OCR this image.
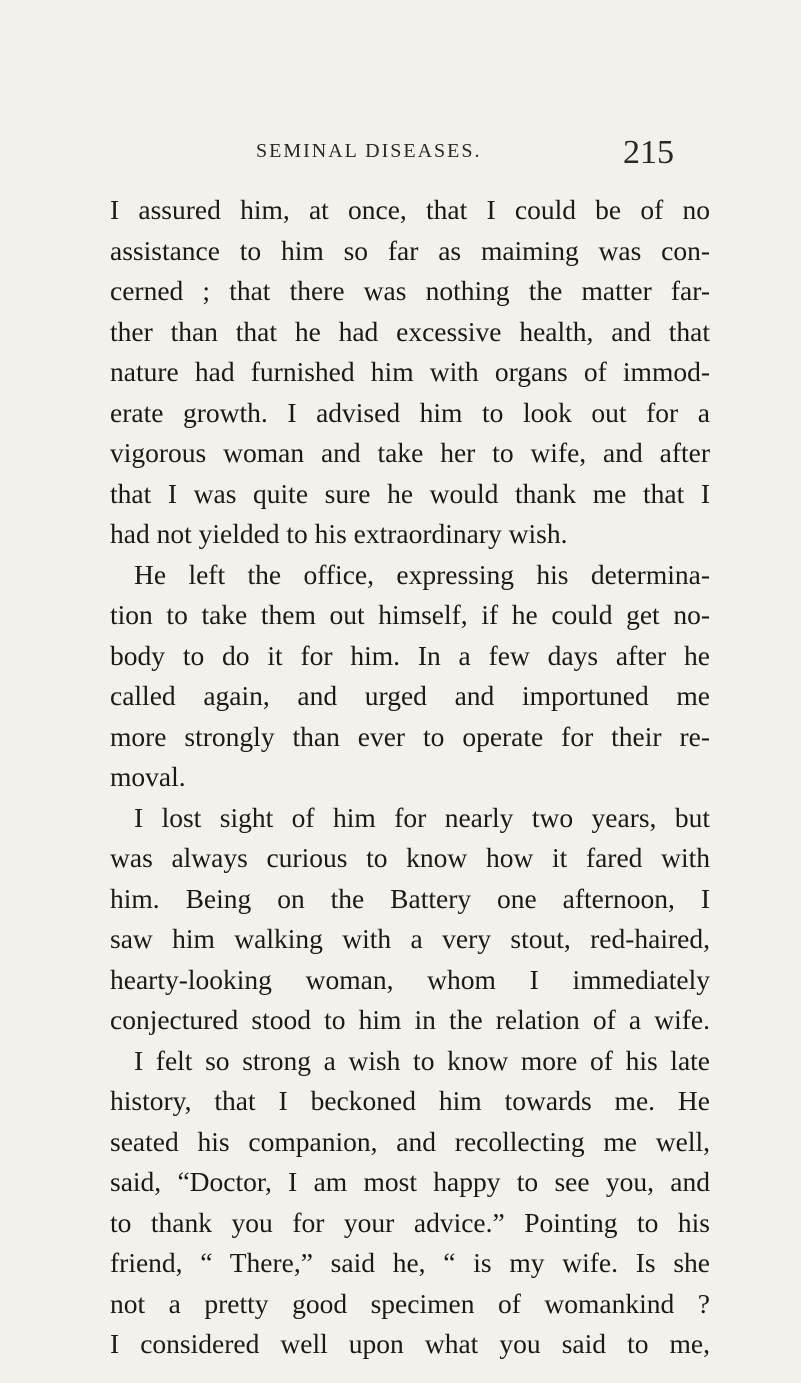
SEMINAL DISEASES.	215
I assured him, at once, that I could be of no
assistance to him so far as maiming was con-
cerned ; that there was nothing the matter far-
ther than that he had excessive health, and that
nature had furnished him with organs of immod-
erate growth. I advised him to look out for a
vigorous woman and take her to wife, and after
that I was quite sure he would thank me that I
had not yielded to his extraordinary wish.
He left the office, expressing his determina-
tion to take them out himself, if he could get no-
body to do it for him. In a few days after he
called again, and urged and importuned me
more strongly than ever to operate for their re-
moval.
I lost sight of him for nearly two years, but
was always curious to know how it fared with
him. Being on the Battery one afternoon, I
saw him walking with a very stout, red-haired,
hearty-looking woman, whom I immediately
conjectured stood to him in the relation of a wife.
I felt so strong a wish to know more of his late
history, that I beckoned him towards me. He
seated his companion, and recollecting me well,
said, “Doctor, I am most happy to see you, and
to thank you for your advice.” Pointing to his
friend, “ There,” said he, “ is my wife. Is she
not a pretty good specimen of womankind ?
I considered well upon what you said to me,
